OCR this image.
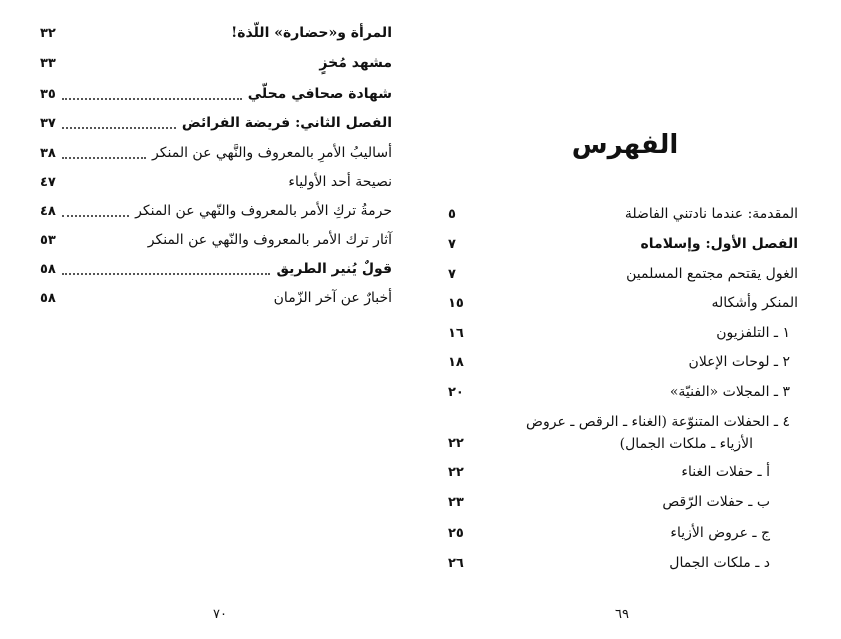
المرأة و«حضارة» اللّذة!
٣٢
مشهد مُخزٍ
٣٣
شهادة صحافي محلّي
٣٥
الفصل الثاني: فريضة الفرائض
٣٧
أساليبُ الأمرِ بالمعروف والنَّهي عن المنكر
٣٨
نصيحة أحد الأولياء
٤٧
حرمةُ تركِ الأمر بالمعروف والنّهي عن المنكر
٤٨
آثار ترك الأمر بالمعروف والنّهي عن المنكر
٥٣
قولٌ يُنير الطريق
٥٨
أخبارٌ عن آخر الزّمان
٥٨
٧٠
الفهرس
المقدمة: عندما نادتني الفاضلة
٥
الفصل الأول: وإسلاماه
٧
الغول يقتحم مجتمع المسلمين
٧
المنكر وأشكاله
١٥
١ ـ التلفزيون
١٦
٢ ـ لوحات الإعلان
١٨
٣ ـ المجلات «الفنيّة»
٢٠
٤ ـ الحفلات المتنوّعة (الغناء ـ الرقص ـ عروض
الأزياء ـ ملكات الجمال)
٢٢
أ ـ حفلات الغناء
٢٢
ب ـ حفلات الرّقص
٢٣
ج ـ عروض الأزياء
٢٥
د ـ ملكات الجمال
٢٦
٦٩
